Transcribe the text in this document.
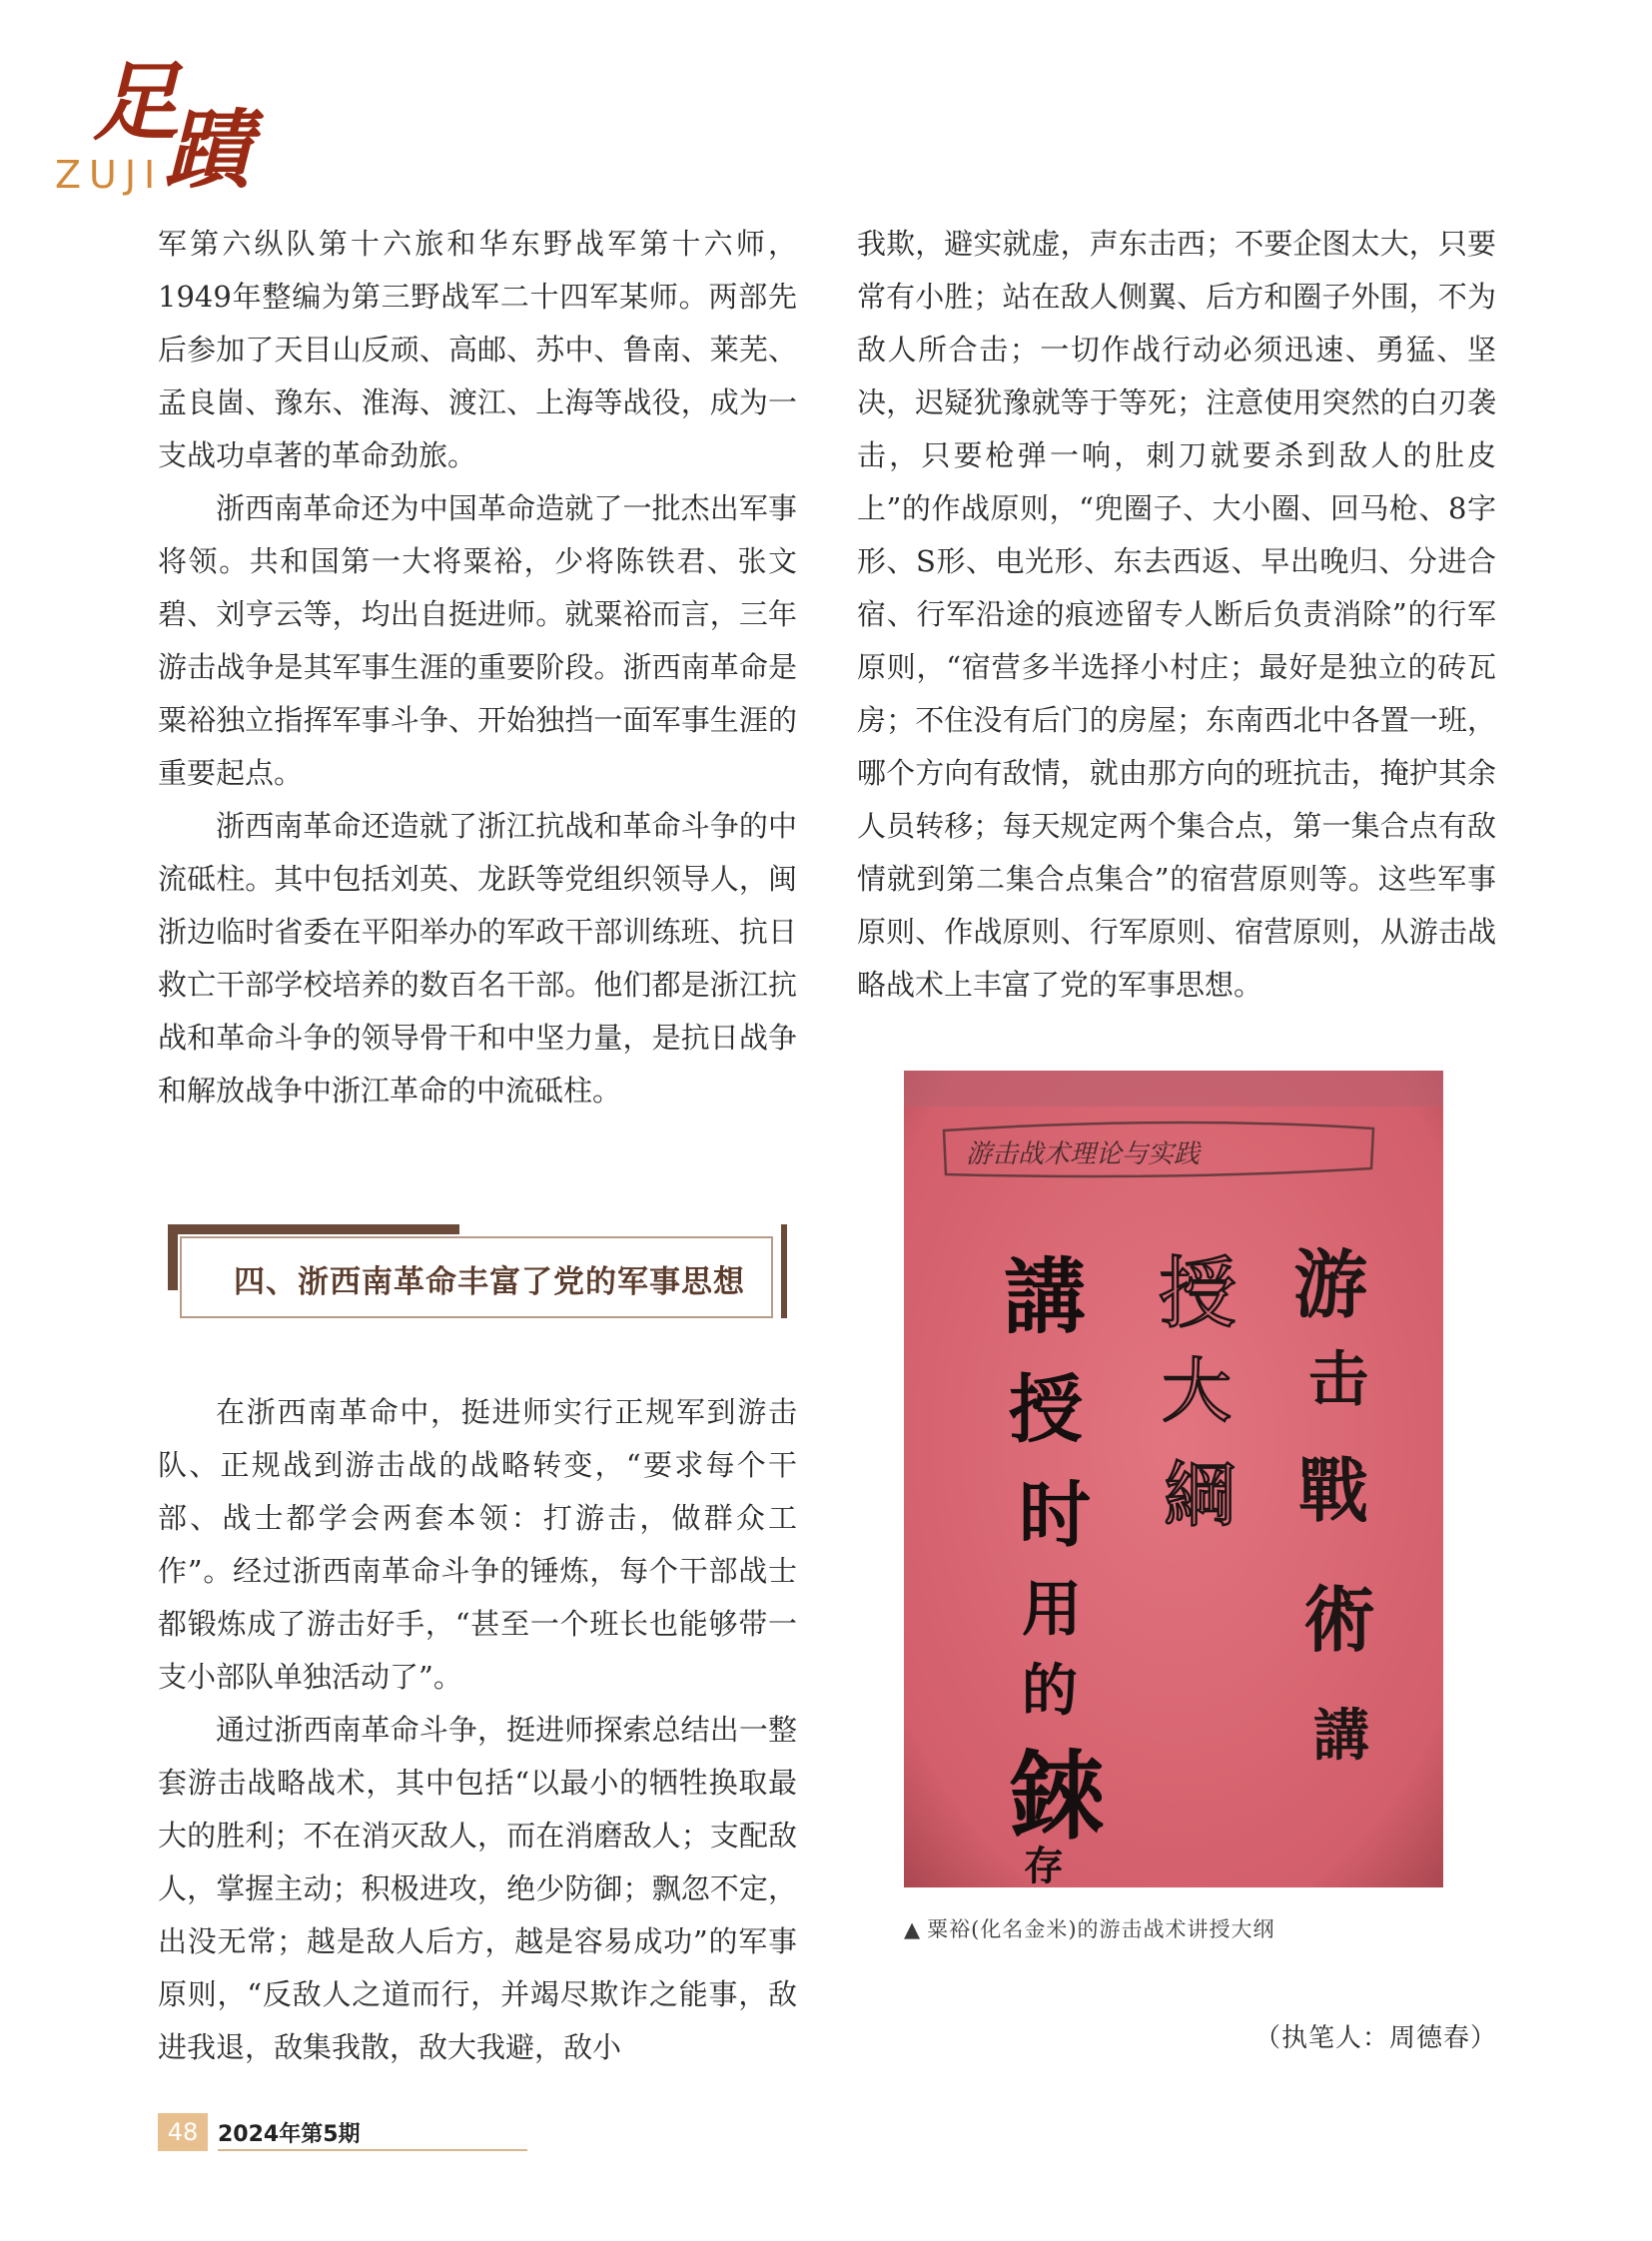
足
蹟
ZUJI

军第六纵队第十六旅和华东野战军第十六师，1949年整编为第三野战军二十四军某师。两部先后参加了天目山反顽、高邮、苏中、鲁南、莱芜、孟良崮、豫东、淮海、渡江、上海等战役，成为一支战功卓著的革命劲旅。

浙西南革命还为中国革命造就了一批杰出军事将领。共和国第一大将粟裕，少将陈铁君、张文碧、刘亨云等，均出自挺进师。就粟裕而言，三年游击战争是其军事生涯的重要阶段。浙西南革命是粟裕独立指挥军事斗争、开始独挡一面军事生涯的重要起点。

浙西南革命还造就了浙江抗战和革命斗争的中流砥柱。其中包括刘英、龙跃等党组织领导人，闽浙边临时省委在平阳举办的军政干部训练班、抗日救亡干部学校培养的数百名干部。他们都是浙江抗战和革命斗争的领导骨干和中坚力量，是抗日战争和解放战争中浙江革命的中流砥柱。

四、浙西南革命丰富了党的军事思想

在浙西南革命中，挺进师实行正规军到游击队、正规战到游击战的战略转变，“要求每个干部、战士都学会两套本领：打游击，做群众工作”。经过浙西南革命斗争的锤炼，每个干部战士都锻炼成了游击好手，“甚至一个班长也能够带一支小部队单独活动了”。

通过浙西南革命斗争，挺进师探索总结出一整套游击战略战术，其中包括“以最小的牺牲换取最大的胜利；不在消灭敌人，而在消磨敌人；支配敌人，掌握主动；积极进攻，绝少防御；飘忽不定，出没无常；越是敌人后方，越是容易成功”的军事原则，“反敌人之道而行，并竭尽欺诈之能事，敌进我退，敌集我散，敌大我避，敌小

我欺，避实就虚，声东击西；不要企图太大，只要常有小胜；站在敌人侧翼、后方和圈子外围，不为敌人所合击；一切作战行动必须迅速、勇猛、坚决，迟疑犹豫就等于等死；注意使用突然的白刃袭击，只要枪弹一响，刺刀就要杀到敌人的肚皮上”的作战原则，“兜圈子、大小圈、回马枪、8字形、S形、电光形、东去西返、早出晚归、分进合宿、行军沿途的痕迹留专人断后负责消除”的行军原则，“宿营多半选择小村庄；最好是独立的砖瓦房；不住没有后门的房屋；东南西北中各置一班，哪个方向有敌情，就由那方向的班抗击，掩护其余人员转移；每天规定两个集合点，第一集合点有敌情就到第二集合点集合”的宿营原则等。这些军事原则、作战原则、行军原则、宿营原则，从游击战略战术上丰富了党的军事思想。

游击战术理论与实践
游
击
戰
術
講
授
大
綱
講
授
时
用
的
錸
存
▲ 粟裕(化名金米)的游击战术讲授大纲
（执笔人：周德春）
48 2024年第5期
